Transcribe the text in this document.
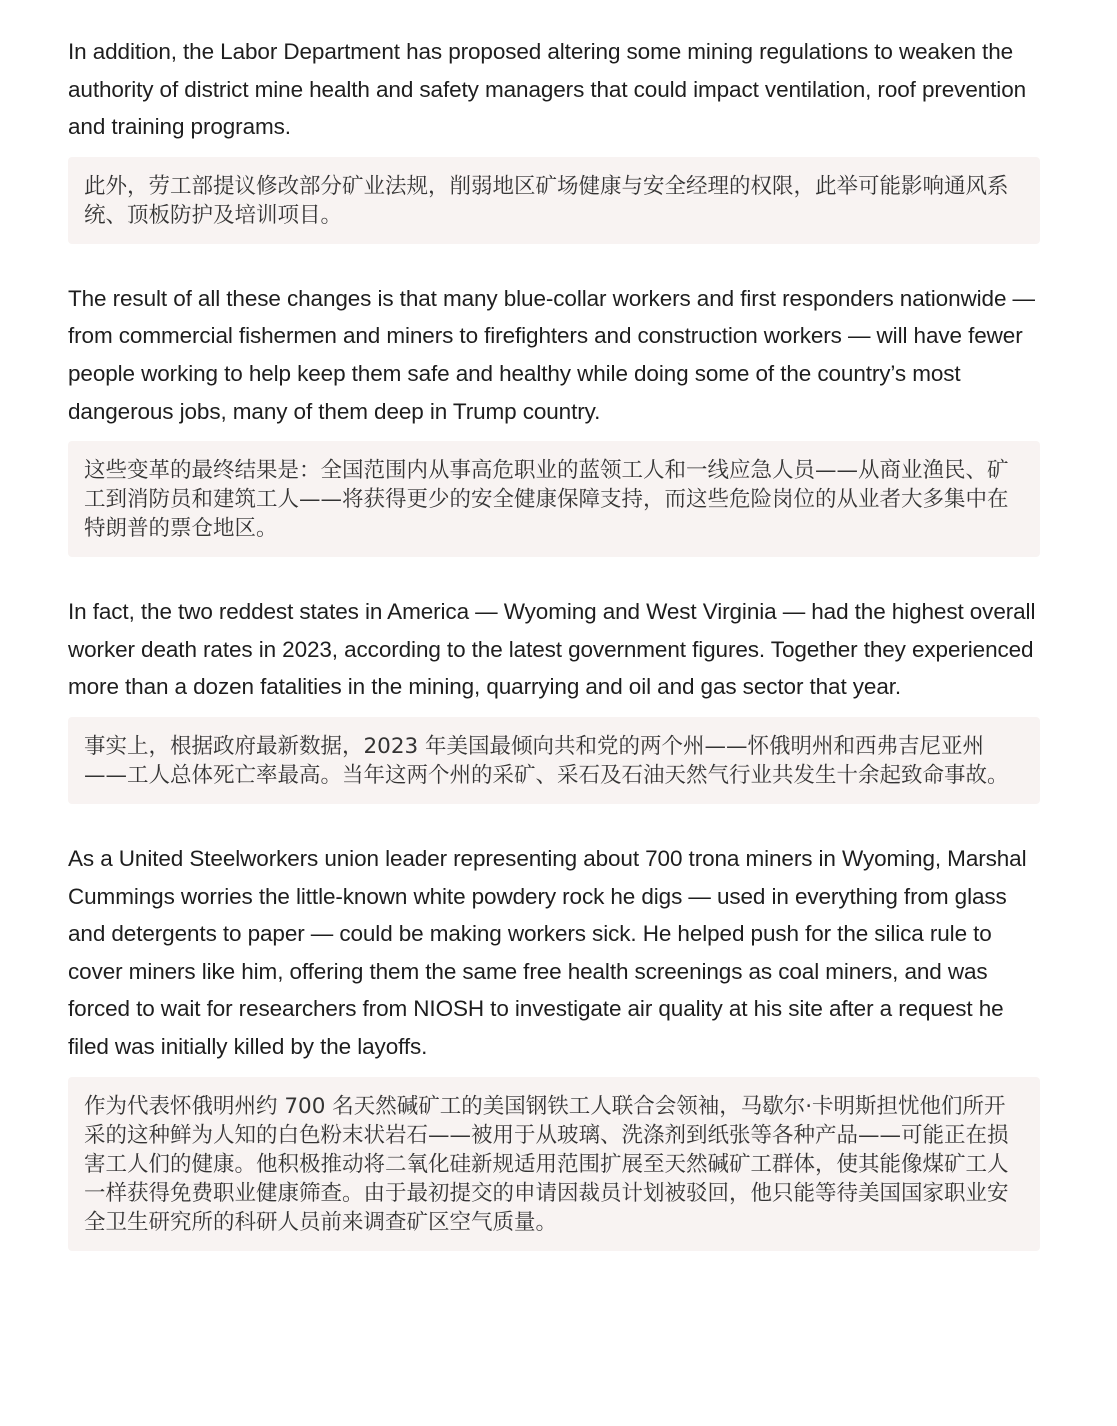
In addition, the Labor Department has proposed altering some mining regulations to weaken the authority of district mine health and safety managers that could impact ventilation, roof prevention and training programs.

此外，劳工部提议修改部分矿业法规，削弱地区矿场健康与安全经理的权限，此举可能影响通风系统、顶板防护及培训项目。

The result of all these changes is that many blue-collar workers and first responders nationwide — from commercial fishermen and miners to firefighters and construction workers — will have fewer people working to help keep them safe and healthy while doing some of the country’s most dangerous jobs, many of them deep in Trump country.

这些变革的最终结果是：全国范围内从事高危职业的蓝领工人和一线应急人员——从商业渔民、矿工到消防员和建筑工人——将获得更少的安全健康保障支持，而这些危险岗位的从业者大多集中在特朗普的票仓地区。

In fact, the two reddest states in America — Wyoming and West Virginia — had the highest overall worker death rates in 2023, according to the latest government figures. Together they experienced more than a dozen fatalities in the mining, quarrying and oil and gas sector that year.

事实上，根据政府最新数据，2023 年美国最倾向共和党的两个州——怀俄明州和西弗吉尼亚州——工人总体死亡率最高。当年这两个州的采矿、采石及石油天然气行业共发生十余起致命事故。

As a United Steelworkers union leader representing about 700 trona miners in Wyoming, Marshal Cummings worries the little-known white powdery rock he digs — used in everything from glass and detergents to paper — could be making workers sick. He helped push for the silica rule to cover miners like him, offering them the same free health screenings as coal miners, and was forced to wait for researchers from NIOSH to investigate air quality at his site after a request he filed was initially killed by the layoffs.

作为代表怀俄明州约 700 名天然碱矿工的美国钢铁工人联合会领袖，马歇尔·卡明斯担忧他们所开采的这种鲜为人知的白色粉末状岩石——被用于从玻璃、洗涤剂到纸张等各种产品——可能正在损害工人们的健康。他积极推动将二氧化硅新规适用范围扩展至天然碱矿工群体，使其能像煤矿工人一样获得免费职业健康筛查。由于最初提交的申请因裁员计划被驳回，他只能等待美国国家职业安全卫生研究所的科研人员前来调查矿区空气质量。
